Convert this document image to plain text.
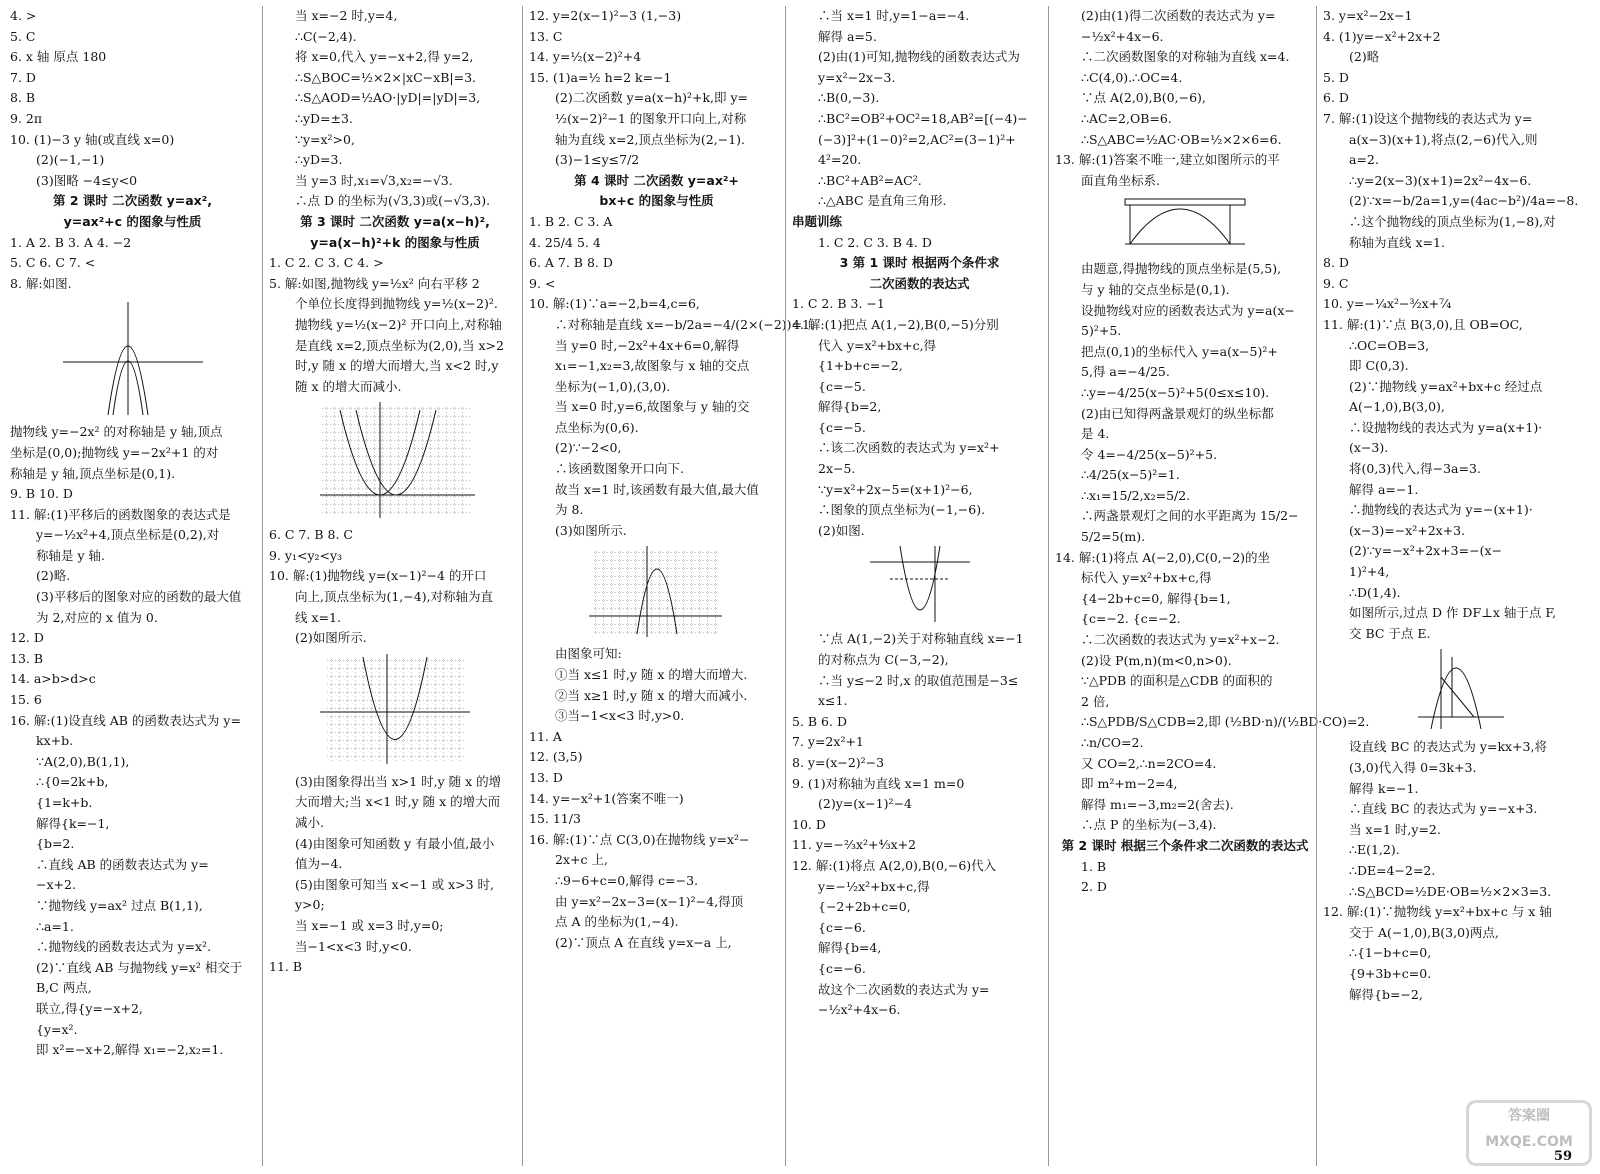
4. >
5. C
6. x 轴 原点 180
7. D
8. B
9. 2π
10. (1)−3 y 轴(或直线 x=0)
(2)(−1,−1)
(3)图略 −4≤y<0
第 2 课时 二次函数 y=ax²,
y=ax²+c 的图象与性质
1. A 2. B 3. A 4. −2
5. C 6. C 7. <
8. 解:如图.
抛物线 y=−2x² 的对称轴是 y 轴,顶点
坐标是(0,0);抛物线 y=−2x²+1 的对
称轴是 y 轴,顶点坐标是(0,1).
9. B 10. D
11. 解:(1)平移后的函数图象的表达式是
y=−½x²+4,顶点坐标是(0,2),对
称轴是 y 轴.
(2)略.
(3)平移后的图象对应的函数的最大值
为 2,对应的 x 值为 0.
12. D
13. B
14. a>b>d>c
15. 6
16. 解:(1)设直线 AB 的函数表达式为 y=
kx+b.
∵A(2,0),B(1,1),
∴{0=2k+b,
{1=k+b.
解得{k=−1,
{b=2.
∴直线 AB 的函数表达式为 y=
−x+2.
∵抛物线 y=ax² 过点 B(1,1),
∴a=1.
∴抛物线的函数表达式为 y=x².
(2)∵直线 AB 与抛物线 y=x² 相交于
B,C 两点,
联立,得{y=−x+2,
{y=x².
即 x²=−x+2,解得 x₁=−2,x₂=1.
当 x=−2 时,y=4,
∴C(−2,4).
将 x=0,代入 y=−x+2,得 y=2,
∴S△BOC=½×2×|xC−xB|=3.
∴S△AOD=½AO·|yD|=|yD|=3,
∴yD=±3.
∵y=x²>0,
∴yD=3.
当 y=3 时,x₁=√3,x₂=−√3.
∴点 D 的坐标为(√3,3)或(−√3,3).
第 3 课时 二次函数 y=a(x−h)²,
y=a(x−h)²+k 的图象与性质
1. C 2. C 3. C 4. >
5. 解:如图,抛物线 y=½x² 向右平移 2
个单位长度得到抛物线 y=½(x−2)².
抛物线 y=½(x−2)² 开口向上,对称轴
是直线 x=2,顶点坐标为(2,0),当 x>2
时,y 随 x 的增大而增大,当 x<2 时,y
随 x 的增大而减小.
6. C 7. B 8. C
9. y₁<y₂<y₃
10. 解:(1)抛物线 y=(x−1)²−4 的开口
向上,顶点坐标为(1,−4),对称轴为直
线 x=1.
(2)如图所示.
(3)由图象得出当 x>1 时,y 随 x 的增
大而增大;当 x<1 时,y 随 x 的增大而
减小.
(4)由图象可知函数 y 有最小值,最小
值为−4.
(5)由图象可知当 x<−1 或 x>3 时,
y>0;
当 x=−1 或 x=3 时,y=0;
当−1<x<3 时,y<0.
11. B
12. y=2(x−1)²−3 (1,−3)
13. C
14. y=½(x−2)²+4
15. (1)a=½ h=2 k=−1
(2)二次函数 y=a(x−h)²+k,即 y=
½(x−2)²−1 的图象开口向上,对称
轴为直线 x=2,顶点坐标为(2,−1).
(3)−1≤y≤7/2
第 4 课时 二次函数 y=ax²+
bx+c 的图象与性质
1. B 2. C 3. A
4. 25/4 5. 4
6. A 7. B 8. D
9. <
10. 解:(1)∵a=−2,b=4,c=6,
∴对称轴是直线 x=−b/2a=−4/(2×(−2))=1.
当 y=0 时,−2x²+4x+6=0,解得
x₁=−1,x₂=3,故图象与 x 轴的交点
坐标为(−1,0),(3,0).
当 x=0 时,y=6,故图象与 y 轴的交
点坐标为(0,6).
(2)∵−2<0,
∴该函数图象开口向下.
故当 x=1 时,该函数有最大值,最大值
为 8.
(3)如图所示.
由图象可知:
①当 x≤1 时,y 随 x 的增大而增大.
②当 x≥1 时,y 随 x 的增大而减小.
③当−1<x<3 时,y>0.
11. A
12. (3,5)
13. D
14. y=−x²+1(答案不唯一)
15. 11/3
16. 解:(1)∵点 C(3,0)在抛物线 y=x²−
2x+c 上,
∴9−6+c=0,解得 c=−3.
由 y=x²−2x−3=(x−1)²−4,得顶
点 A 的坐标为(1,−4).
(2)∵顶点 A 在直线 y=x−a 上,
∴当 x=1 时,y=1−a=−4.
解得 a=5.
(2)由(1)可知,抛物线的函数表达式为
y=x²−2x−3.
∴B(0,−3).
∴BC²=OB²+OC²=18,AB²=[(−4)−
(−3)]²+(1−0)²=2,AC²=(3−1)²+
4²=20.
∴BC²+AB²=AC².
∴△ABC 是直角三角形.
串题训练
1. C 2. C 3. B 4. D
3 第 1 课时 根据两个条件求
二次函数的表达式
1. C 2. B 3. −1
4. 解:(1)把点 A(1,−2),B(0,−5)分别
代入 y=x²+bx+c,得
{1+b+c=−2,
{c=−5.
解得{b=2,
{c=−5.
∴该二次函数的表达式为 y=x²+
2x−5.
∵y=x²+2x−5=(x+1)²−6,
∴图象的顶点坐标为(−1,−6).
(2)如图.
∵点 A(1,−2)关于对称轴直线 x=−1
的对称点为 C(−3,−2),
∴当 y≤−2 时,x 的取值范围是−3≤
x≤1.
5. B 6. D
7. y=2x²+1
8. y=(x−2)²−3
9. (1)对称轴为直线 x=1 m=0
(2)y=(x−1)²−4
10. D
11. y=−⅔x²+⁴⁄₃x+2
12. 解:(1)将点 A(2,0),B(0,−6)代入
y=−½x²+bx+c,得
{−2+2b+c=0,
{c=−6.
解得{b=4,
{c=−6.
故这个二次函数的表达式为 y=
−½x²+4x−6.
(2)由(1)得二次函数的表达式为 y=
−½x²+4x−6.
∴二次函数图象的对称轴为直线 x=4.
∴C(4,0).∴OC=4.
∵点 A(2,0),B(0,−6),
∴AC=2,OB=6.
∴S△ABC=½AC·OB=½×2×6=6.
13. 解:(1)答案不唯一,建立如图所示的平
面直角坐标系.
由题意,得抛物线的顶点坐标是(5,5),
与 y 轴的交点坐标是(0,1).
设抛物线对应的函数表达式为 y=a(x−
5)²+5.
把点(0,1)的坐标代入 y=a(x−5)²+
5,得 a=−4/25.
∴y=−4/25(x−5)²+5(0≤x≤10).
(2)由已知得两盏景观灯的纵坐标都
是 4.
令 4=−4/25(x−5)²+5.
∴4/25(x−5)²=1.
∴x₁=15/2,x₂=5/2.
∴两盏景观灯之间的水平距离为 15/2−
5/2=5(m).
14. 解:(1)将点 A(−2,0),C(0,−2)的坐
标代入 y=x²+bx+c,得
{4−2b+c=0, 解得{b=1,
{c=−2. {c=−2.
∴二次函数的表达式为 y=x²+x−2.
(2)设 P(m,n)(m<0,n>0).
∵△PDB 的面积是△CDB 的面积的
2 倍,
∴S△PDB/S△CDB=2,即 (½BD·n)/(½BD·CO)=2.
∴n/CO=2.
又 CO=2,∴n=2CO=4.
即 m²+m−2=4,
解得 m₁=−3,m₂=2(舍去).
∴点 P 的坐标为(−3,4).
第 2 课时 根据三个条件求二次函数的表达式
1. B
2. D
3. y=x²−2x−1
4. (1)y=−x²+2x+2
(2)略
5. D
6. D
7. 解:(1)设这个抛物线的表达式为 y=
a(x−3)(x+1),将点(2,−6)代入,则
a=2.
∴y=2(x−3)(x+1)=2x²−4x−6.
(2)∵x=−b/2a=1,y=(4ac−b²)/4a=−8.
∴这个抛物线的顶点坐标为(1,−8),对
称轴为直线 x=1.
8. D
9. C
10. y=−¼x²−³⁄₂x+⁷⁄₄
11. 解:(1)∵点 B(3,0),且 OB=OC,
∴OC=OB=3,
即 C(0,3).
(2)∵抛物线 y=ax²+bx+c 经过点
A(−1,0),B(3,0),
∴设抛物线的表达式为 y=a(x+1)·
(x−3).
将(0,3)代入,得−3a=3.
解得 a=−1.
∴抛物线的表达式为 y=−(x+1)·
(x−3)=−x²+2x+3.
(2)∵y=−x²+2x+3=−(x−
1)²+4,
∴D(1,4).
如图所示,过点 D 作 DF⊥x 轴于点 F,
交 BC 于点 E.
设直线 BC 的表达式为 y=kx+3,将
(3,0)代入得 0=3k+3.
解得 k=−1.
∴直线 BC 的表达式为 y=−x+3.
当 x=1 时,y=2.
∴E(1,2).
∴DE=4−2=2.
∴S△BCD=½DE·OB=½×2×3=3.
12. 解:(1)∵抛物线 y=x²+bx+c 与 x 轴
交于 A(−1,0),B(3,0)两点,
∴{1−b+c=0,
{9+3b+c=0.
解得{b=−2,
59
答案圈
MXQE.COM
